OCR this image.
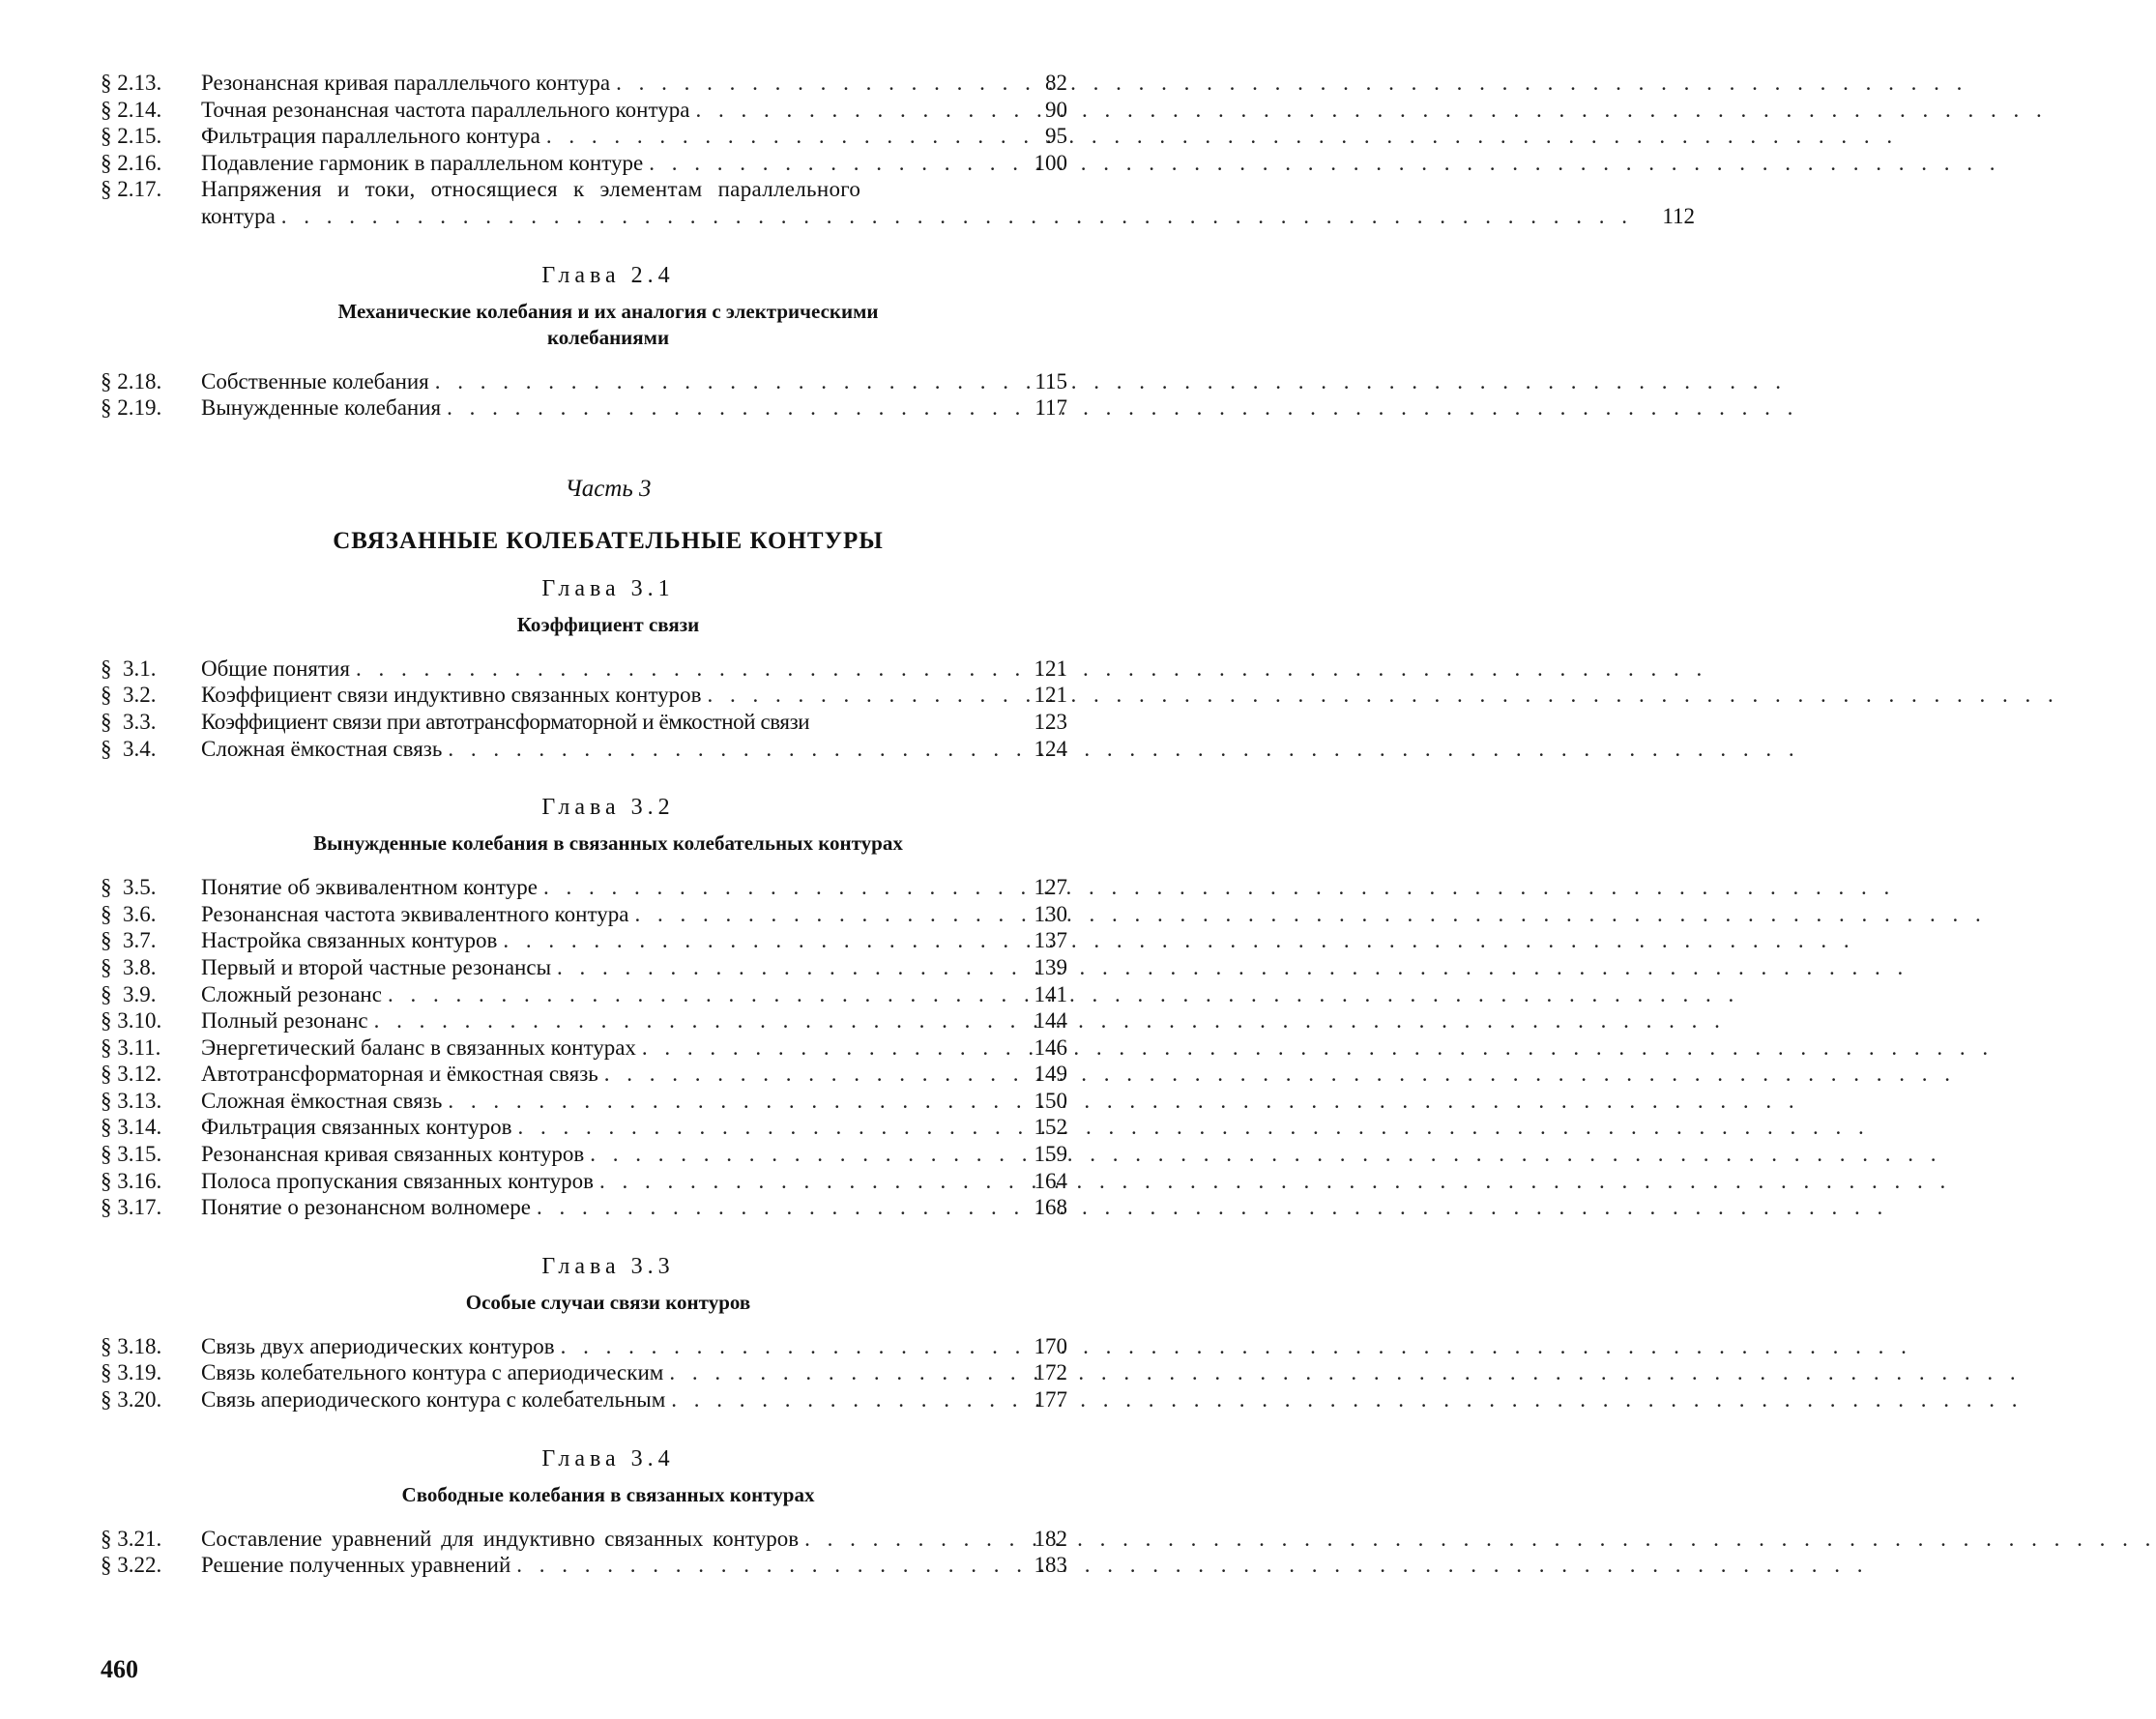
§ 2.13.	Резонансная кривая параллельчого контура . . .	82
§ 2.14.	Точная резонансная частота параллельного контура . . .	90
§ 2.15.	Фильтрация параллельного контура . . .	95
§ 2.16.	Подавление гармоник в параллельном контуре . . .	100
§ 2.17.	Напряжения и токи, относящиеся к элементам параллельного
контура . . .	112
Глава 2.4
Механические колебания и их аналогия с электрическими
колебаниями
§ 2.18.	Собственные колебания . . .	115
§ 2.19.	Вынужденные колебания . . .	117
Часть 3
СВЯЗАННЫЕ КОЛЕБАТЕЛЬНЫЕ КОНТУРЫ
Глава 3.1
Коэффициент связи
§  3.1.	Общие понятия . . .	121
§  3.2.	Коэффициент связи индуктивно связанных контуров . . .	121
§  3.3.	Коэффициент связи при автотрансформаторной и ёмкостной связи	123
§  3.4.	Сложная ёмкостная связь . . .	124
Глава 3.2
Вынужденные колебания в связанных колебательных контурах
§  3.5.	Понятие об эквивалентном контуре . . .	127
§  3.6.	Резонансная частота эквивалентного контура . . .	130
§  3.7.	Настройка связанных контуров . . .	137
§  3.8.	Первый и второй частные резонансы . . .	139
§  3.9.	Сложный резонанс . . .	141
§ 3.10.	Полный резонанс . . .	144
§ 3.11.	Энергетический баланс в связанных контурах . . .	146
§ 3.12.	Автотрансформаторная и ёмкостная связь . . .	149
§ 3.13.	Сложная ёмкостная связь . . .	150
§ 3.14.	Фильтрация связанных контуров . . .	152
§ 3.15.	Резонансная кривая связанных контуров . . .	159
§ 3.16.	Полоса пропускания связанных контуров . . .	164
§ 3.17.	Понятие о резонансном волномере . . .	168
Глава 3.3
Особые случаи связи контуров
§ 3.18.	Связь двух апериодических контуров . . .	170
§ 3.19.	Связь колебательного контура с апериодическим . . .	172
§ 3.20.	Связь апериодического контура с колебательным . . .	177
Глава 3.4
Свободные колебания в связанных контурах
§ 3.21.	Составление уравнений для индуктивно связанных контуров . . .	182
§ 3.22.	Решение полученных уравнений . . .	183
460
